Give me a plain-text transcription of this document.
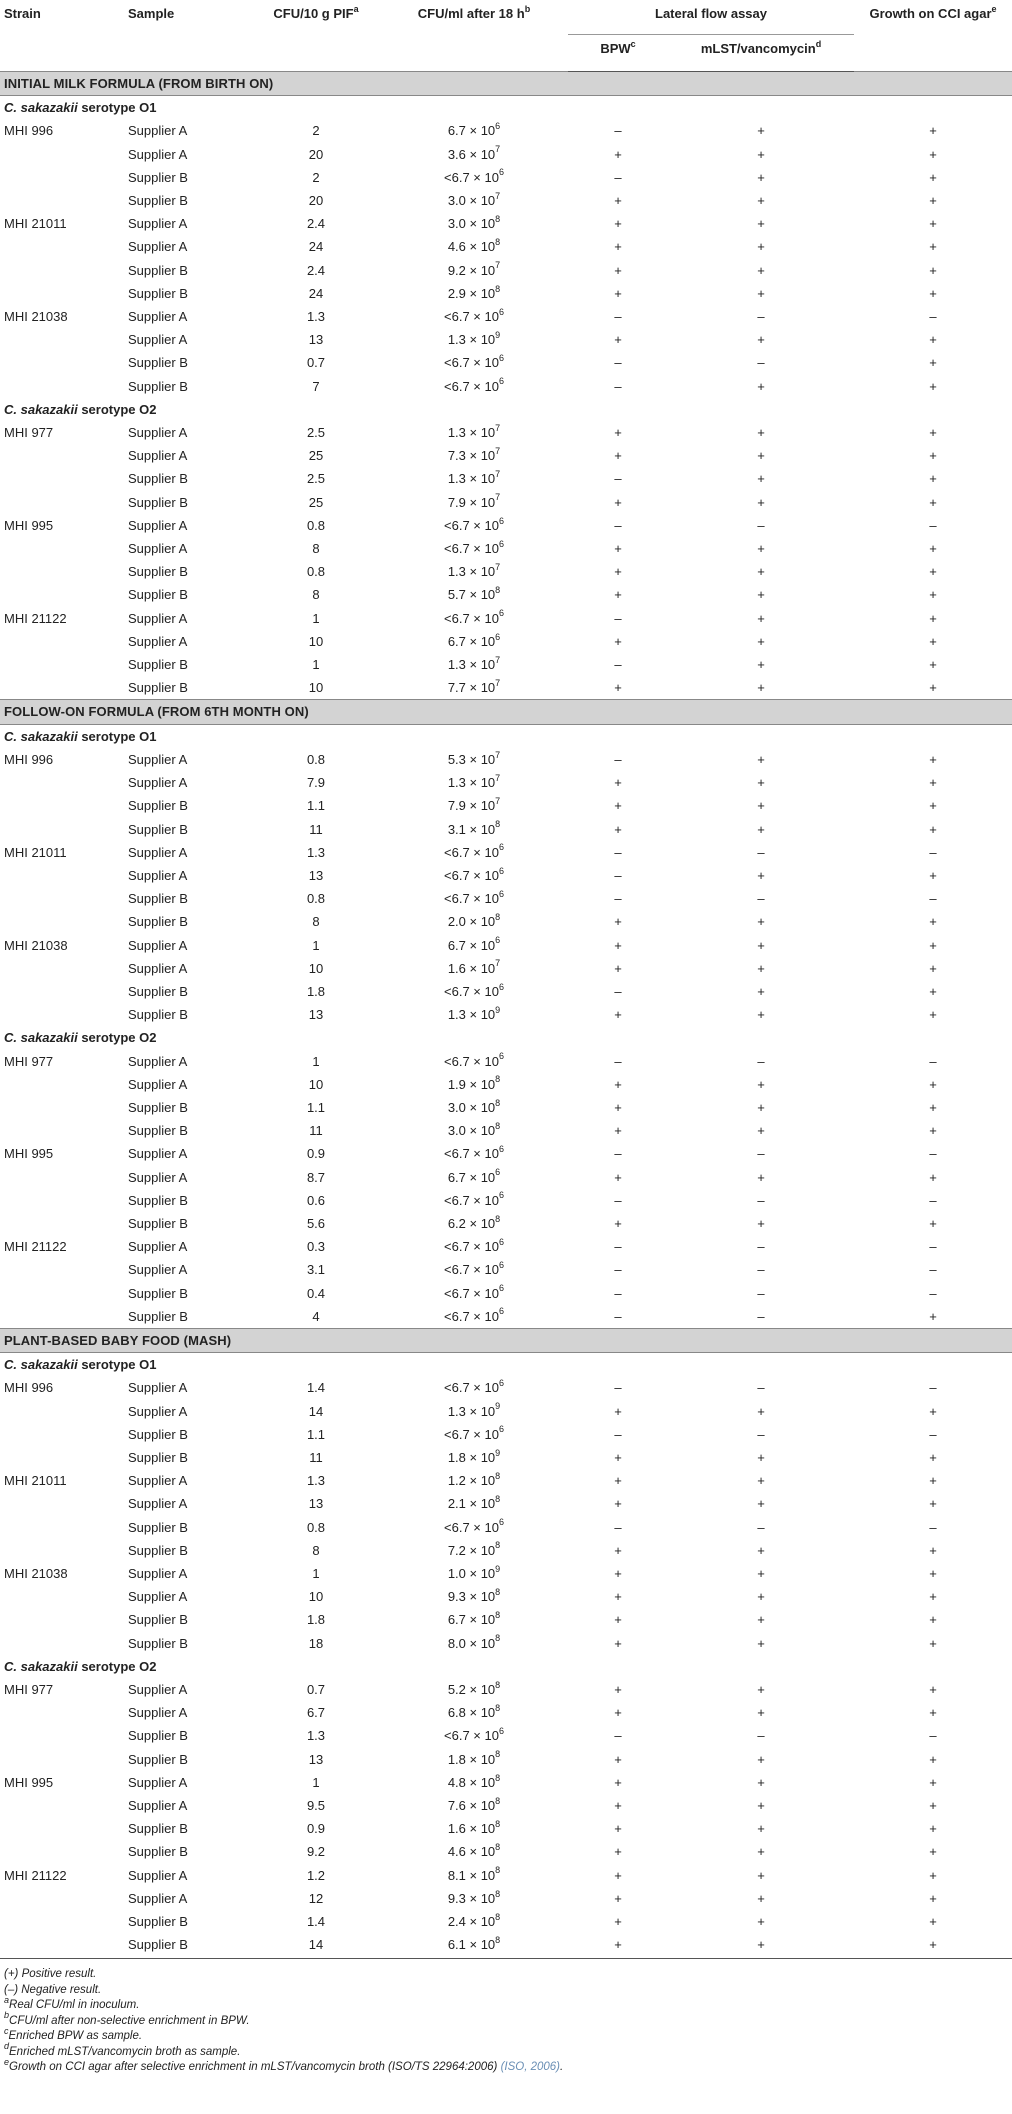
Strain	Sample	CFU/10 g PIF$^a$	CFU/ml after 18 $h^b$	Lateral flow assay		Growth on CCI agar$^e$
				BPW$^c$	mLST/vancomycin$^d$
INITIAL MILK FORMULA (FROM BIRTH ON)						
C. sakazakii serotype O1						
MHI 996	Supplier A	2	$6.7 \times 10^6$	–	+	+
	Supplier A	20	$3.6 \times 10^7$	+	+	+
	Supplier B	2	$<6.7 \times 10^6$	–	+	+
	Supplier B	20	$3.0 \times 10^7$	+	+	+
MHI 21011	Supplier A	2.4	$3.0 \times 10^8$	+	+	+
	Supplier A	24	$4.6 \times 10^8$	+	+	+
	Supplier B	2.4	$9.2 \times 10^7$	+	+	+
	Supplier B	24	$2.9 \times 10^8$	+	+	+
MHI 21038	Supplier A	1.3	$<6.7 \times 10^6$	–	–	–
	Supplier A	13	$1.3 \times 10^9$	+	+	+
	Supplier B	0.7	$<6.7 \times 10^6$	–	–	+
	Supplier B	7	$<6.7 \times 10^6$	–	+	+
C. sakazakii serotype O2						
MHI 977	Supplier A	2.5	$1.3 \times 10^7$	+	+	+
	Supplier A	25	$7.3 \times 10^7$	+	+	+
	Supplier B	2.5	$1.3 \times 10^7$	–	+	+
	Supplier B	25	$7.9 \times 10^7$	+	+	+
MHI 995	Supplier A	0.8	$<6.7 \times 10^6$	–	–	–
	Supplier A	8	$<6.7 \times 10^6$	+	+	+
	Supplier B	0.8	$1.3 \times 10^7$	+	+	+
	Supplier B	8	$5.7 \times 10^8$	+	+	+
MHI 21122	Supplier A	1	$<6.7 \times 10^6$	–	+	+
	Supplier A	10	$6.7 \times 10^6$	+	+	+
	Supplier B	1	$1.3 \times 10^7$	–	+	+
	Supplier B	10	$7.7 \times 10^7$	+	+	+
FOLLOW-ON FORMULA (FROM 6TH MONTH ON)						
C. sakazakii serotype O1						
MHI 996	Supplier A	0.8	$5.3 \times 10^7$	–	+	+
	Supplier A	7.9	$1.3 \times 10^7$	+	+	+
	Supplier B	1.1	$7.9 \times 10^7$	+	+	+
	Supplier B	11	$3.1 \times 10^8$	+	+	+
MHI 21011	Supplier A	1.3	$<6.7 \times 10^6$	–	–	–
	Supplier A	13	$<6.7 \times 10^6$	–	+	+
	Supplier B	0.8	$<6.7 \times 10^6$	–	–	–
	Supplier B	8	$2.0 \times 10^8$	+	+	+
MHI 21038	Supplier A	1	$6.7 \times 10^6$	+	+	+
	Supplier A	10	$1.6 \times 10^7$	+	+	+
	Supplier B	1.8	$<6.7 \times 10^6$	–	+	+
	Supplier B	13	$1.3 \times 10^9$	+	+	+
C. sakazakii serotype O2						
MHI 977	Supplier A	1	$<6.7 \times 10^6$	–	–	–
	Supplier A	10	$1.9 \times 10^8$	+	+	+
	Supplier B	1.1	$3.0 \times 10^8$	+	+	+
	Supplier B	11	$3.0 \times 10^8$	+	+	+
MHI 995	Supplier A	0.9	$<6.7 \times 10^6$	–	–	–
	Supplier A	8.7	$6.7 \times 10^6$	+	+	+
	Supplier B	0.6	$<6.7 \times 10^6$	–	–	–
	Supplier B	5.6	$6.2 \times 10^8$	+	+	+
MHI 21122	Supplier A	0.3	$<6.7 \times 10^6$	–	–	–
	Supplier A	3.1	$<6.7 \times 10^6$	–	–	–
	Supplier B	0.4	$<6.7 \times 10^6$	–	–	–
	Supplier B	4	$<6.7 \times 10^6$	–	–	+
PLANT-BASED BABY FOOD (MASH)						
C. sakazakii serotype O1						
MHI 996	Supplier A	1.4	$<6.7 \times 10^6$	–	–	–
	Supplier A	14	$1.3 \times 10^9$	+	+	+
	Supplier B	1.1	$<6.7 \times 10^6$	–	–	–
	Supplier B	11	$1.8 \times 10^9$	+	+	+
MHI 21011	Supplier A	1.3	$1.2 \times 10^8$	+	+	+
	Supplier A	13	$2.1 \times 10^8$	+	+	+
	Supplier B	0.8	$<6.7 \times 10^6$	–	–	–
	Supplier B	8	$7.2 \times 10^8$	+	+	+
MHI 21038	Supplier A	1	$1.0 \times 10^9$	+	+	+
	Supplier A	10	$9.3 \times 10^8$	+	+	+
	Supplier B	1.8	$6.7 \times 10^8$	+	+	+
	Supplier B	18	$8.0 \times 10^8$	+	+	+
C. sakazakii serotype O2						
MHI 977	Supplier A	0.7	$5.2 \times 10^8$	+	+	+
	Supplier A	6.7	$6.8 \times 10^8$	+	+	+
	Supplier B	1.3	$<6.7 \times 10^6$	–	–	–
	Supplier B	13	$1.8 \times 10^8$	+	+	+
MHI 995	Supplier A	1	$4.8 \times 10^8$	+	+	+
	Supplier A	9.5	$7.6 \times 10^8$	+	+	+
	Supplier B	0.9	$1.6 \times 10^8$	+	+	+
	Supplier B	9.2	$4.6 \times 10^8$	+	+	+
MHI 21122	Supplier A	1.2	$8.1 \times 10^8$	+	+	+
	Supplier A	12	$9.3 \times 10^8$	+	+	+
	Supplier B	1.4	$2.4 \times 10^8$	+	+	+
	Supplier B	14	$6.1 \times 10^8$	+	+	+
(+) Positive result.
(–) Negative result.
$^a$Real CFU/ml in inoculum.
$^b$CFU/ml after non-selective enrichment in BPW.
$^c$Enriched BPW as sample.
$^d$Enriched mLST/vancomycin broth as sample.
$^e$Growth on CCI agar after selective enrichment in mLST/vancomycin broth (ISO/TS 22964:2006) (ISO, 2006).
